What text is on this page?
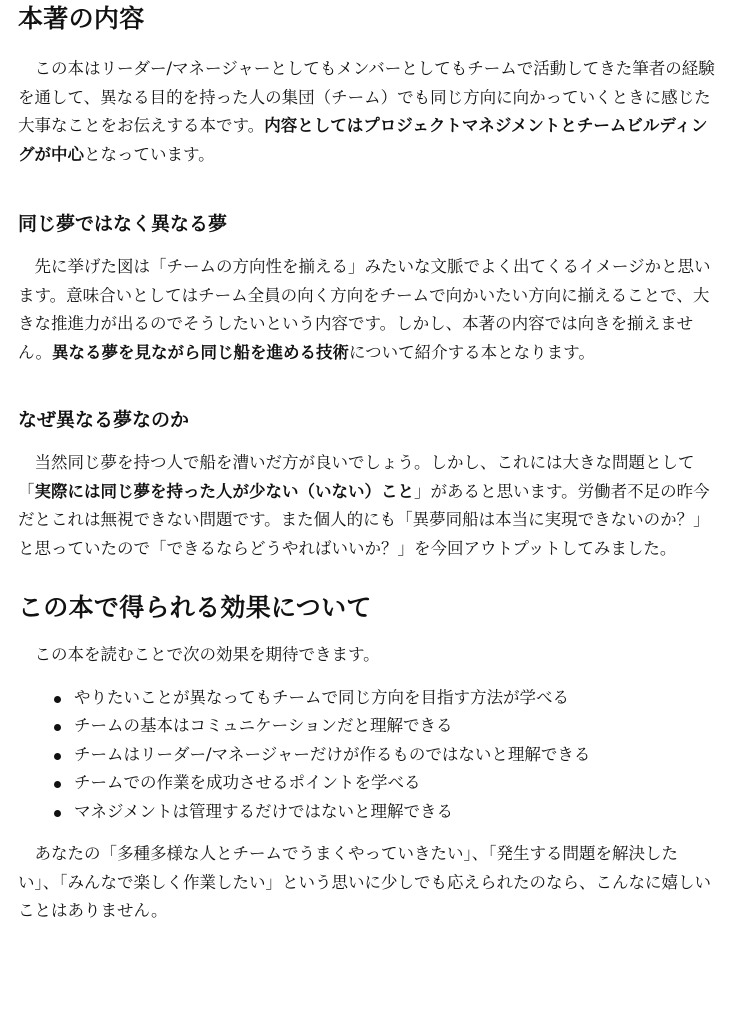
本著の内容

この本はリーダー/マネージャーとしてもメンバーとしてもチームで活動してきた筆者の経験を通して、異なる目的を持った人の集団（チーム）でも同じ方向に向かっていくときに感じた大事なことをお伝えする本です。内容としてはプロジェクトマネジメントとチームビルディングが中心となっています。

同じ夢ではなく異なる夢

先に挙げた図は「チームの方向性を揃える」みたいな文脈でよく出てくるイメージかと思います。意味合いとしてはチーム全員の向く方向をチームで向かいたい方向に揃えることで、大きな推進力が出るのでそうしたいという内容です。しかし、本著の内容では向きを揃えません。異なる夢を見ながら同じ船を進める技術について紹介する本となります。

なぜ異なる夢なのか

当然同じ夢を持つ人で船を漕いだ方が良いでしょう。しかし、これには大きな問題として「実際には同じ夢を持った人が少ない（いない）こと」があると思います。労働者不足の昨今だとこれは無視できない問題です。また個人的にも「異夢同船は本当に実現できないのか？」と思っていたので「できるならどうやればいいか？」を今回アウトプットしてみました。

この本で得られる効果について

この本を読むことで次の効果を期待できます。

やりたいことが異なってもチームで同じ方向を目指す方法が学べる
チームの基本はコミュニケーションだと理解できる
チームはリーダー/マネージャーだけが作るものではないと理解できる
チームでの作業を成功させるポイントを学べる
マネジメントは管理するだけではないと理解できる

あなたの「多種多様な人とチームでうまくやっていきたい」、「発生する問題を解決したい」、「みんなで楽しく作業したい」という思いに少しでも応えられたのなら、こんなに嬉しいことはありません。
